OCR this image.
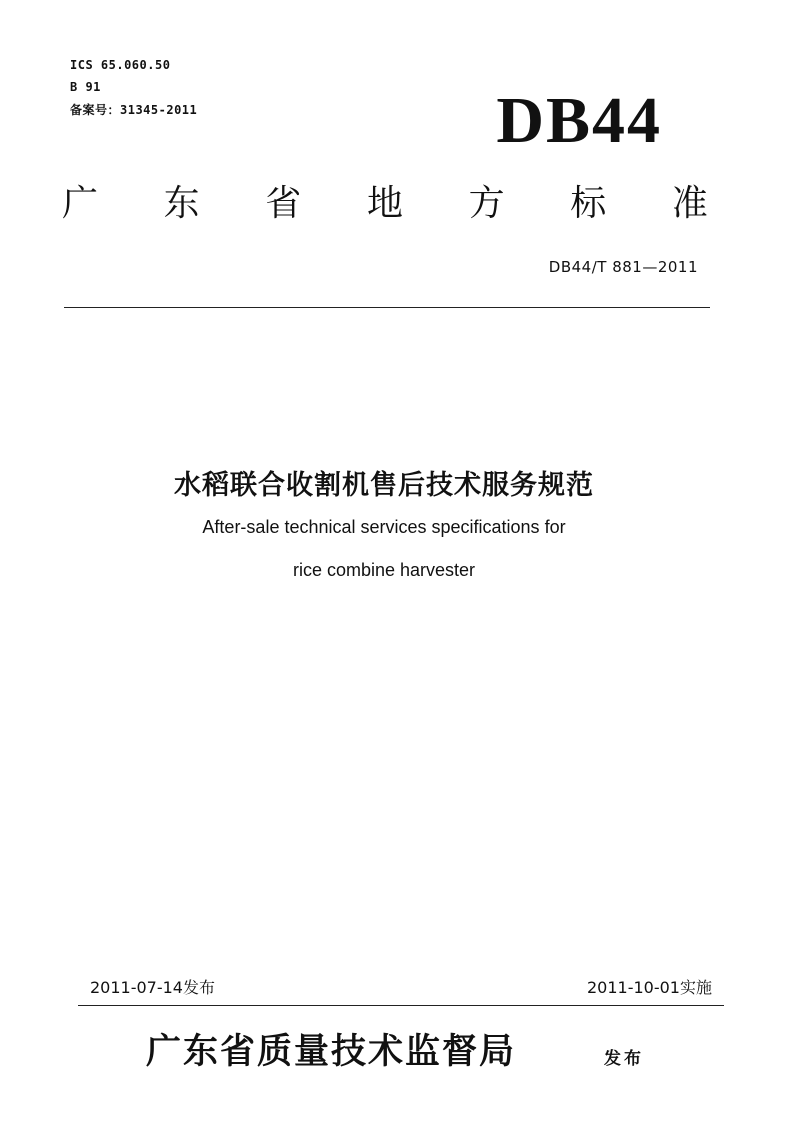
ICS 65.060.50
B 91
备案号：31345-2011	DB44
广 东 省 地 方 标 准
DB44/T 881—2011
水稻联合收割机售后技术服务规范
After-sale technical services specifications for
rice combine harvester
2011-07-14发布	2011-10-01实施
广东省质量技术监督局	发布
